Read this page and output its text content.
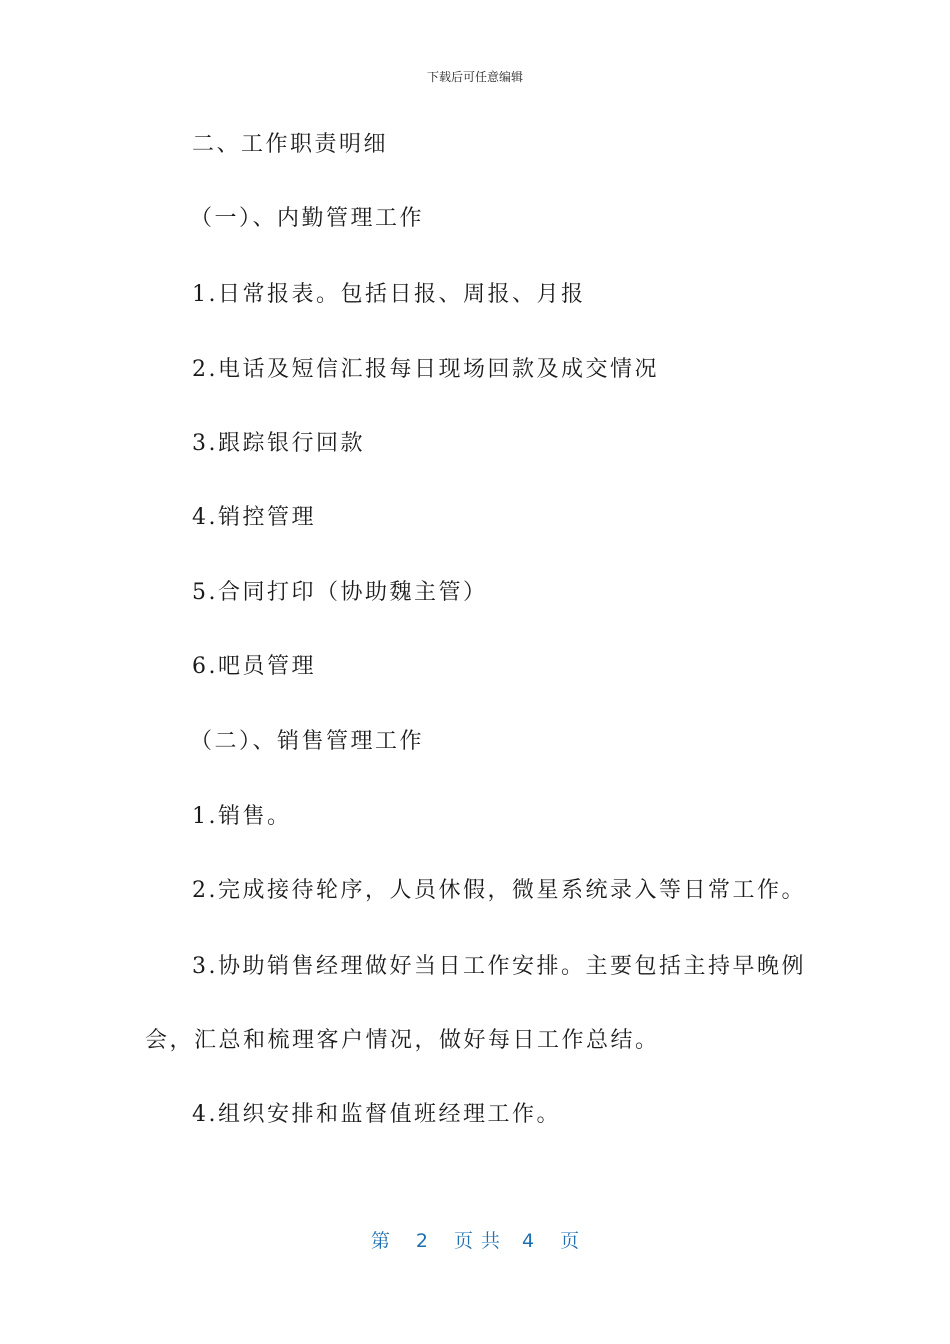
下载后可任意编辑
二、工作职责明细
（一）、内勤管理工作
1.日常报表。包括日报、周报、月报
2.电话及短信汇报每日现场回款及成交情况
3.跟踪银行回款
4.销控管理
5.合同打印（协助魏主管）
6.吧员管理
（二）、销售管理工作
1.销售。
2.完成接待轮序，人员休假，微星系统录入等日常工作。
3.协助销售经理做好当日工作安排。主要包括主持早晚例
会，汇总和梳理客户情况，做好每日工作总结。
4.组织安排和监督值班经理工作。
第 2 页共 4 页
